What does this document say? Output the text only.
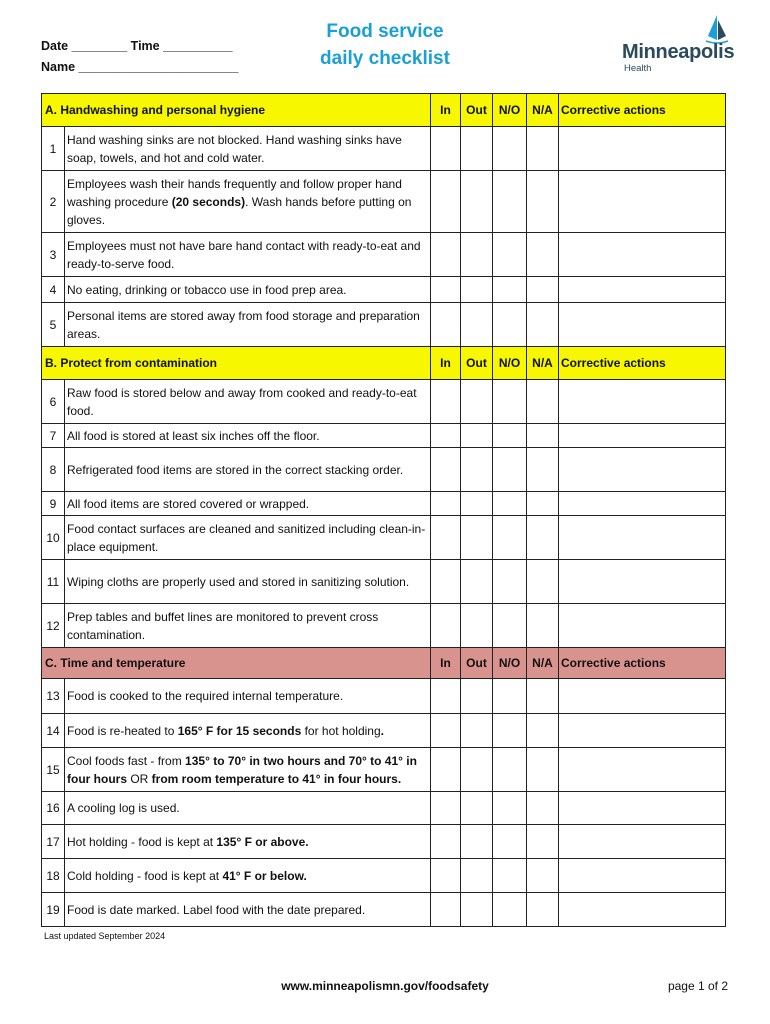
Date ________ Time __________
Name _______________________
Food service
daily checklist	Minneapolis
Health
A. Handwashing and personal hygiene		In	Out	N/O	N/A	Corrective actions
1	Hand washing sinks are not blocked. Hand washing sinks have soap, towels, and hot and cold water.					
2	Employees wash their hands frequently and follow proper hand washing procedure (20 seconds). Wash hands before putting on gloves.					
3	Employees must not have bare hand contact with ready-to-eat and ready-to-serve food.					
4	No eating, drinking or tobacco use in food prep area.					
5	Personal items are stored away from food storage and preparation areas.					
B. Protect from contamination		In	Out	N/O	N/A	Corrective actions
6	Raw food is stored below and away from cooked and ready-to-eat food.					
7	All food is stored at least six inches off the floor.					
8	Refrigerated food items are stored in the correct stacking order.					
9	All food items are stored covered or wrapped.					
10	Food contact surfaces are cleaned and sanitized including clean-in-place equipment.					
11	Wiping cloths are properly used and stored in sanitizing solution.					
12	Prep tables and buffet lines are monitored to prevent cross contamination.					
C. Time and temperature		In	Out	N/O	N/A	Corrective actions
13	Food is cooked to the required internal temperature.					
14	Food is re-heated to 165° F for 15 seconds for hot holding.					
15	Cool foods fast - from 135° to 70° in two hours and 70° to 41° in four hours OR from room temperature to 41° in four hours.					
16	A cooling log is used.					
17	Hot holding - food is kept at 135° F or above.					
18	Cold holding - food is kept at 41° F or below.					
19	Food is date marked. Label food with the date prepared.					
Last updated September 2024
www.minneapolismn.gov/foodsafety	page 1 of 2
